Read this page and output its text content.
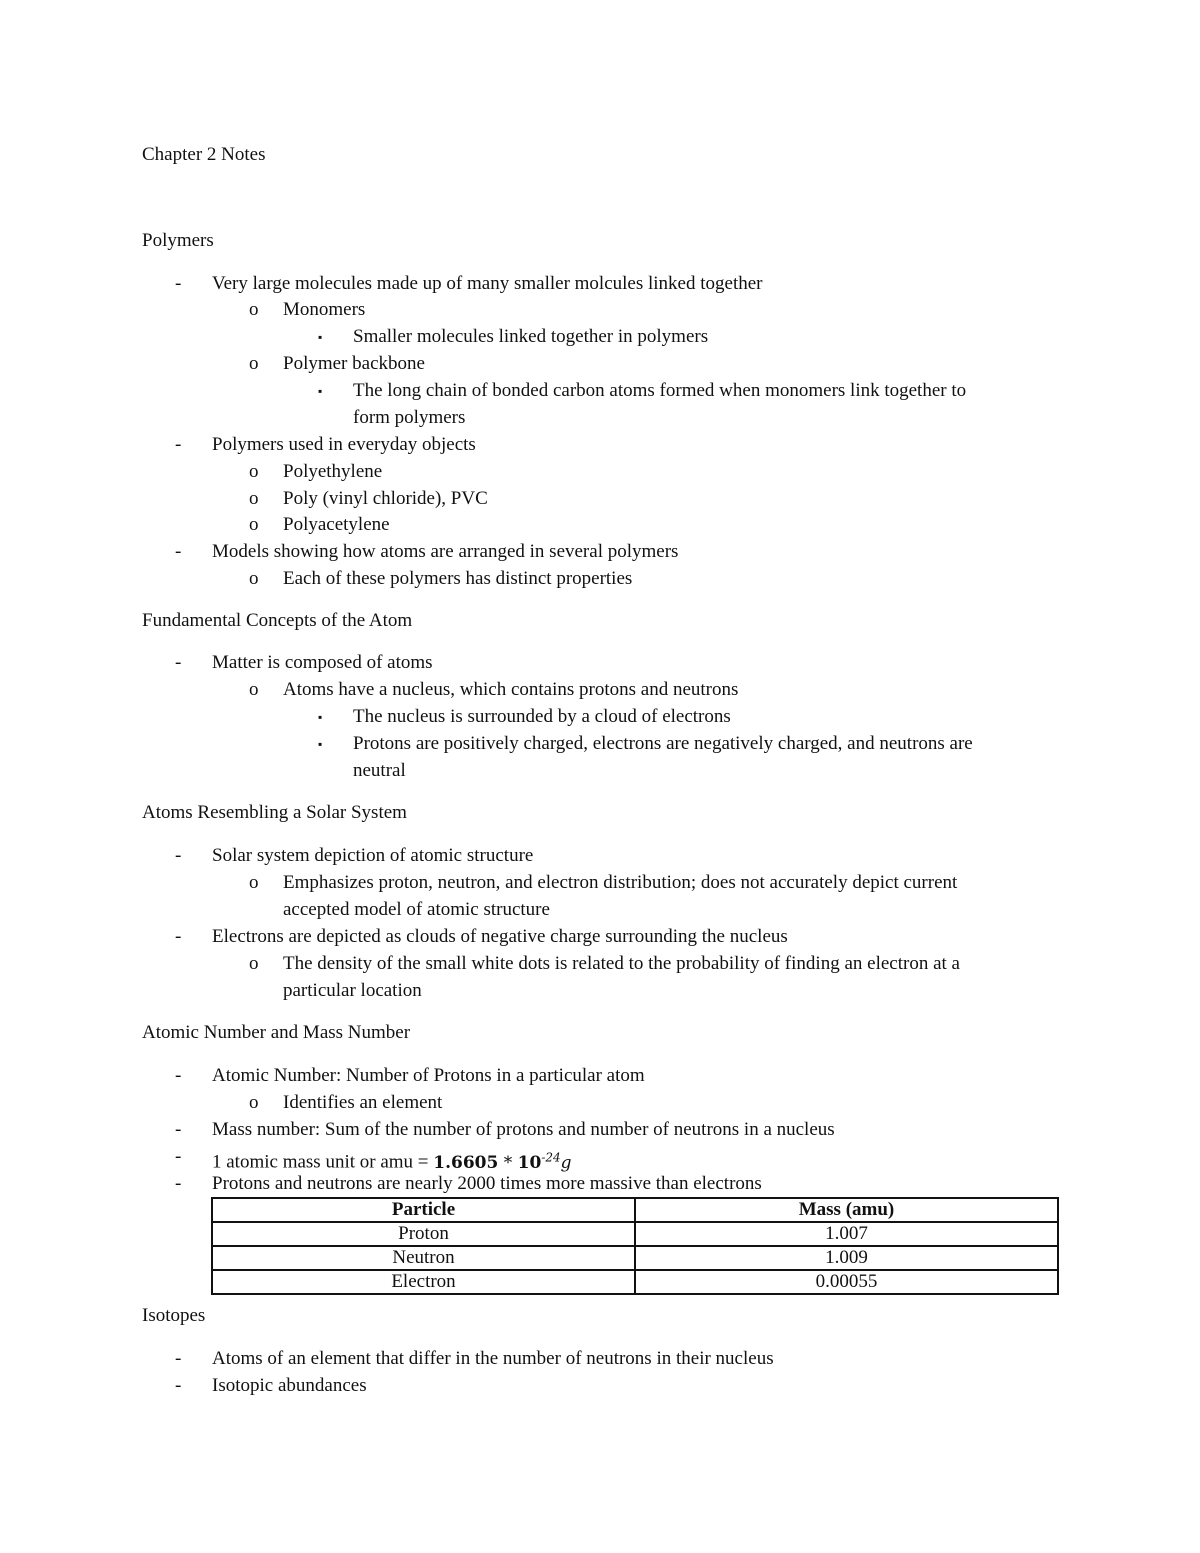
Chapter 2 Notes
Polymers
- Very large molecules made up of many smaller molcules linked together
o Monomers
▪ Smaller molecules linked together in polymers
o Polymer backbone
▪ The long chain of bonded carbon atoms formed when monomers link together to
form polymers
- Polymers used in everyday objects
o Polyethylene
o Poly (vinyl chloride), PVC
o Polyacetylene
- Models showing how atoms are arranged in several polymers
o Each of these polymers has distinct properties
Fundamental Concepts of the Atom
- Matter is composed of atoms
o Atoms have a nucleus, which contains protons and neutrons
▪ The nucleus is surrounded by a cloud of electrons
▪ Protons are positively charged, electrons are negatively charged, and neutrons are
neutral
Atoms Resembling a Solar System
- Solar system depiction of atomic structure
o Emphasizes proton, neutron, and electron distribution; does not accurately depict current
accepted model of atomic structure
- Electrons are depicted as clouds of negative charge surrounding the nucleus
o The density of the small white dots is related to the probability of finding an electron at a
particular location
Atomic Number and Mass Number
- Atomic Number: Number of Protons in a particular atom
o Identifies an element
- Mass number: Sum of the number of protons and number of neutrons in a nucleus
- 1 atomic mass unit or amu = $1.6605 * 10^{-24}g$
- Protons and neutrons are nearly 2000 times more massive than electrons
Particle	Mass (amu)
Proton	1.007
Neutron	1.009
Electron	0.00055
Isotopes
- Atoms of an element that differ in the number of neutrons in their nucleus
- Isotopic abundances
